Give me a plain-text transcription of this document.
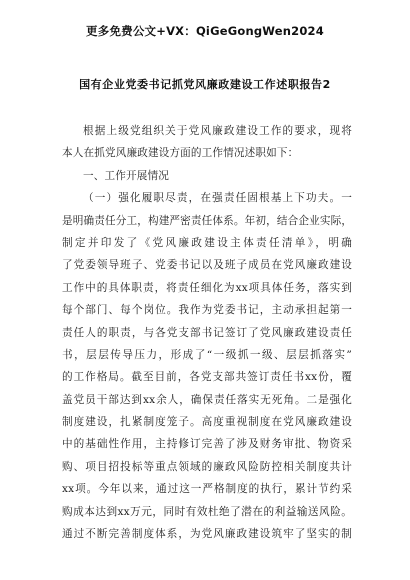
更多免费公文+VX：QiGeGongWen2024
国有企业党委书记抓党风廉政建设工作述职报告2
根据上级党组织关于党风廉政建设工作的要求，现将
本人在抓党风廉政建设方面的工作情况述职如下：
一、工作开展情况
（一）强化履职尽责，在强责任固根基上下功夫。一
是明确责任分工，构建严密责任体系。年初，结合企业实际，
制定并印发了《党风廉政建设主体责任清单》，明确
了党委领导班子、党委书记以及班子成员在党风廉政建设
工作中的具体职责，将责任细化为xx项具体任务，落实到
每个部门、每个岗位。我作为党委书记，主动承担起第一
责任人的职责，与各党支部书记签订了党风廉政建设责任
书，层层传导压力，形成了“一级抓一级、层层抓落实”
的工作格局。截至目前，各党支部共签订责任书xx份，覆
盖党员干部达到xx余人，确保责任落实无死角。二是强化
制度建设，扎紧制度笼子。高度重视制度在党风廉政建设
中的基础性作用，主持修订完善了涉及财务审批、物资采
购、项目招投标等重点领域的廉政风险防控相关制度共计
xx项。今年以来，通过这一严格制度的执行，累计节约采
购成本达到xx万元，同时有效杜绝了潜在的利益输送风险。
通过不断完善制度体系，为党风廉政建设筑牢了坚实的制
